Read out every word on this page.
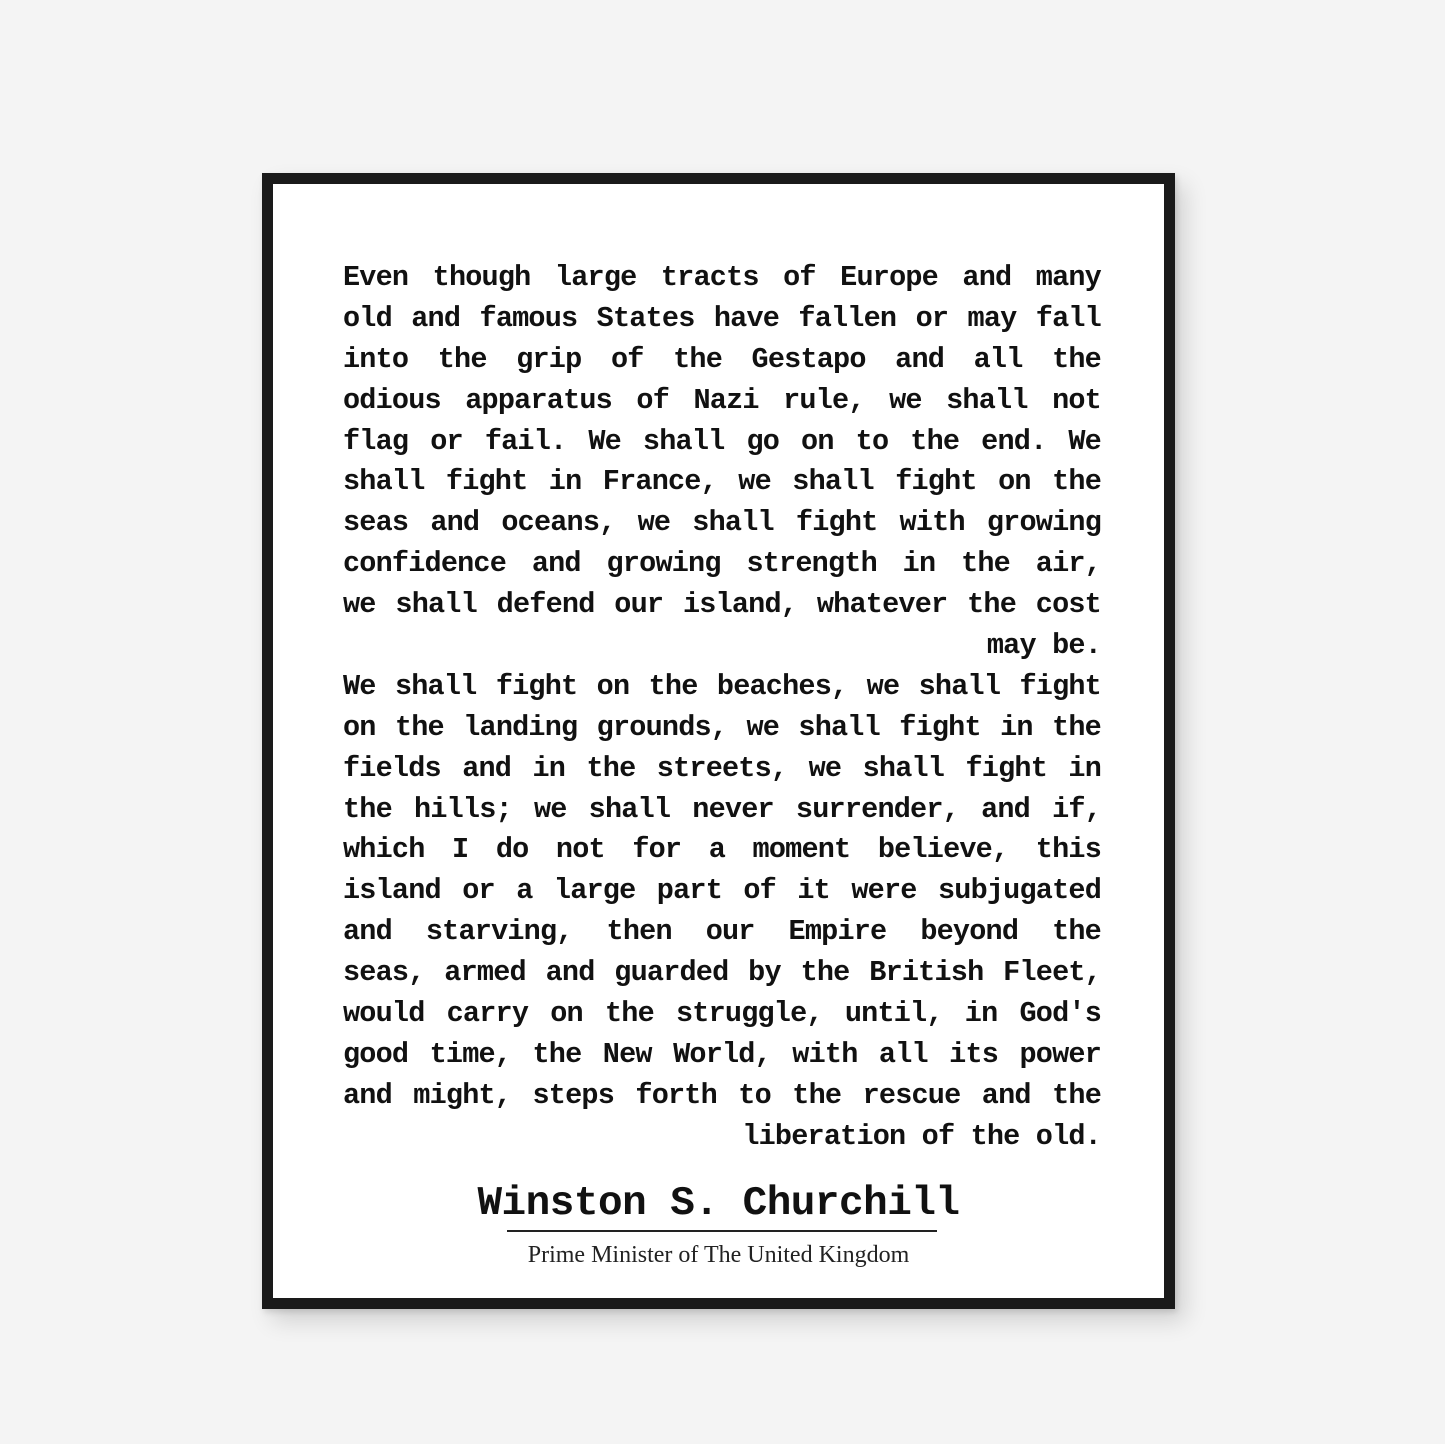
Even though large tracts of Europe and many
old and famous States have fallen or may fall
into the grip of the Gestapo and all the
odious apparatus of Nazi rule, we shall not
flag or fail. We shall go on to the end. We
shall fight in France, we shall fight on the
seas and oceans, we shall fight with growing
confidence and growing strength in the air,
we shall defend our island, whatever the cost
may be.
We shall fight on the beaches, we shall fight
on the landing grounds, we shall fight in the
fields and in the streets, we shall fight in
the hills; we shall never surrender, and if,
which I do not for a moment believe, this
island or a large part of it were subjugated
and starving, then our Empire beyond the
seas, armed and guarded by the British Fleet,
would carry on the struggle, until, in God's
good time, the New World, with all its power
and might, steps forth to the rescue and the
liberation of the old.
Winston S. Churchill
Prime Minister of The United Kingdom
